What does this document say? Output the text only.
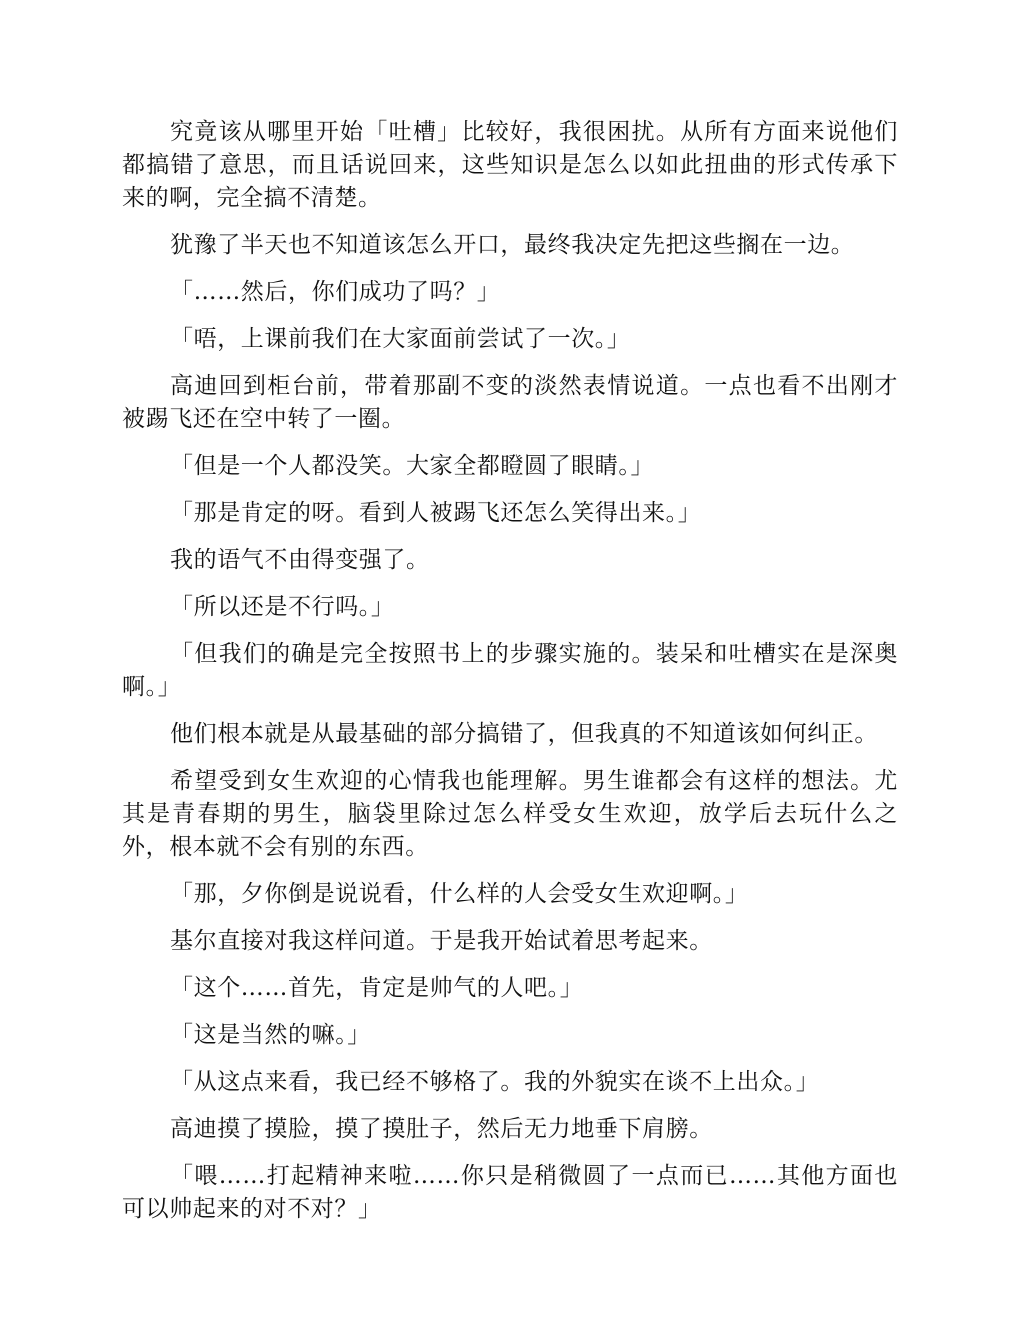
究竟该从哪里开始「吐槽」比较好，我很困扰。从所有方面来说他们都搞错了意思，而且话说回来，这些知识是怎么以如此扭曲的形式传承下来的啊，完全搞不清楚。

犹豫了半天也不知道该怎么开口，最终我决定先把这些搁在一边。

「……然后，你们成功了吗？」

「唔，上课前我们在大家面前尝试了一次。」

高迪回到柜台前，带着那副不变的淡然表情说道。一点也看不出刚才被踢飞还在空中转了一圈。

「但是一个人都没笑。大家全都瞪圆了眼睛。」

「那是肯定的呀。看到人被踢飞还怎么笑得出来。」

我的语气不由得变强了。

「所以还是不行吗。」

「但我们的确是完全按照书上的步骤实施的。装呆和吐槽实在是深奥啊。」

他们根本就是从最基础的部分搞错了，但我真的不知道该如何纠正。

希望受到女生欢迎的心情我也能理解。男生谁都会有这样的想法。尤其是青春期的男生，脑袋里除过怎么样受女生欢迎，放学后去玩什么之外，根本就不会有别的东西。

「那，夕你倒是说说看，什么样的人会受女生欢迎啊。」

基尔直接对我这样问道。于是我开始试着思考起来。

「这个……首先，肯定是帅气的人吧。」

「这是当然的嘛。」

「从这点来看，我已经不够格了。我的外貌实在谈不上出众。」

高迪摸了摸脸，摸了摸肚子，然后无力地垂下肩膀。

「喂……打起精神来啦……你只是稍微圆了一点而已……其他方面也可以帅起来的对不对？」
